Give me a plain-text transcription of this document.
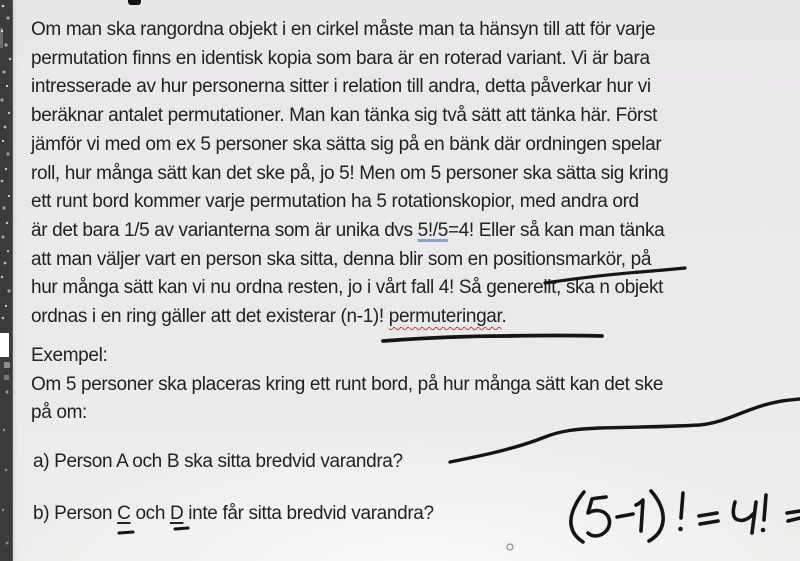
Om man ska rangordna objekt i en cirkel måste man ta hänsyn till att för varje
permutation finns en identisk kopia som bara är en roterad variant. Vi är bara
intresserade av hur personerna sitter i relation till andra, detta påverkar hur vi
beräknar antalet permutationer. Man kan tänka sig två sätt att tänka här. Först
jämför vi med om ex 5 personer ska sätta sig på en bänk där ordningen spelar
roll, hur många sätt kan det ske på, jo 5! Men om 5 personer ska sätta sig kring
ett runt bord kommer varje permutation ha 5 rotationskopior, med andra ord
är det bara 1/5 av varianterna som är unika dvs 5!/5=4! Eller så kan man tänka
att man väljer vart en person ska sitta, denna blir som en positionsmarkör, på
hur många sätt kan vi nu ordna resten, jo i vårt fall 4! Så generellt, ska n objekt
ordnas i en ring gäller att det existerar (n-1)! permuteringar.
Exempel:
Om 5 personer ska placeras kring ett runt bord, på hur många sätt kan det ske
på om:
a) Person A och B ska sitta bredvid varandra?
b) Person C och D inte får sitta bredvid varandra?
